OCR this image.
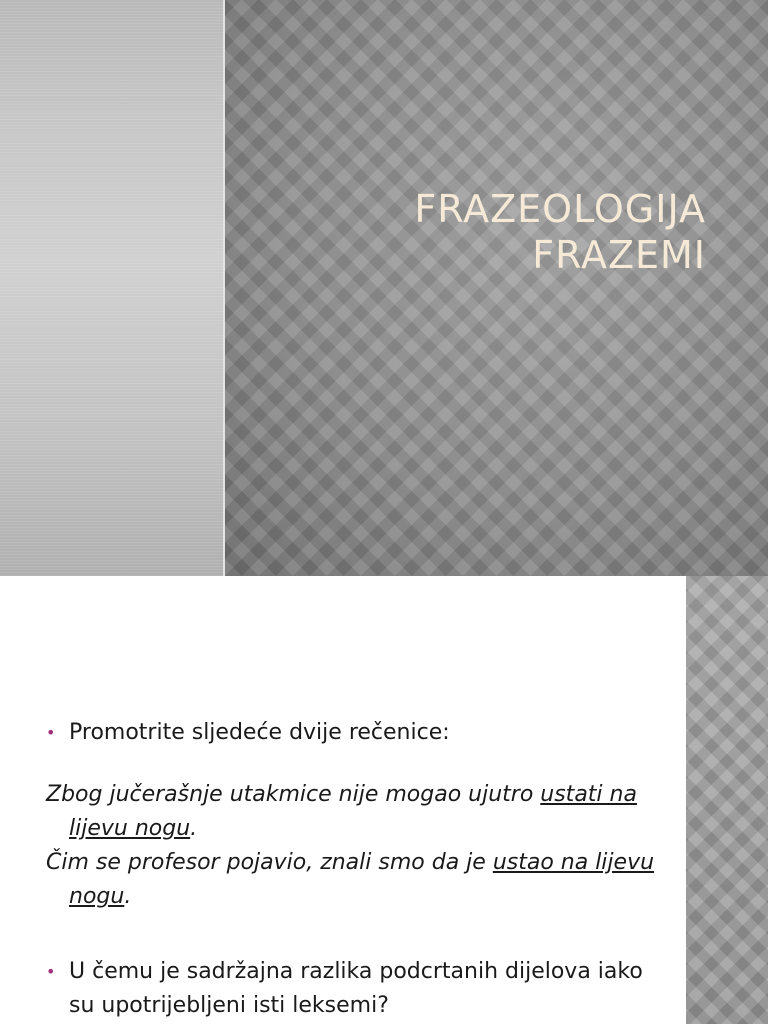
FRAZEOLOGIJA
FRAZEMI
• Promotrite sljedeće dvije rečenice:
Zbog jučerašnje utakmice nije mogao ujutro ustati na lijevu nogu.
Čim se profesor pojavio, znali smo da je ustao na lijevu nogu.
• U čemu je sadržajna razlika podcrtanih dijelova iako su upotrijebljeni isti leksemi?
